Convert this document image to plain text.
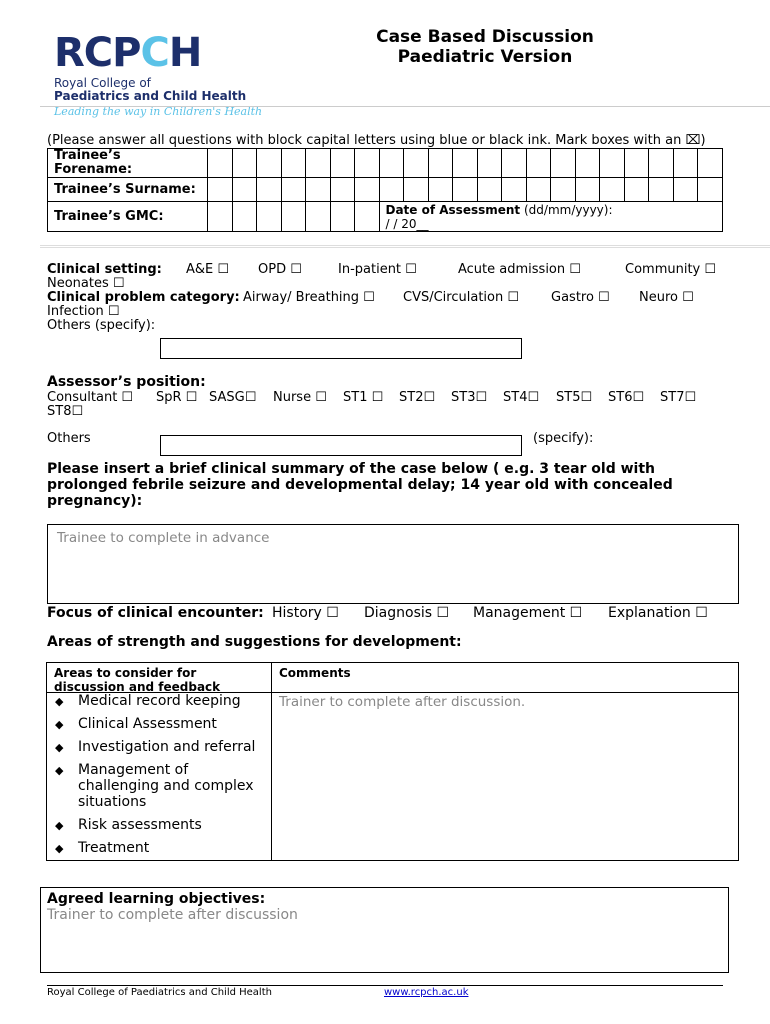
RCPCH
Royal College of
Paediatrics and Child Health
Leading the way in Children's Health
Case Based Discussion
Paediatric Version
(Please answer all questions with block capital letters using blue or black ink. Mark boxes with an ⌧)
Trainee’s Forename:																					
Trainee’s Surname:																					
Trainee’s GMC:								Date of Assessment (dd/mm/yyyy):
/ / 20__													
Clinical setting: A&E ☐ OPD ☐	In-patient ☐	Acute admission ☐	Community ☐
Neonates ☐
Clinical problem category: Airway/ Breathing ☐ CVS/Circulation ☐ Gastro ☐ Neuro ☐
Infection ☐
Others (specify):
Assessor’s position:
Consultant ☐ SpR ☐ SASG☐ Nurse ☐ ST1 ☐ ST2☐ ST3☐ ST4☐ ST5☐ ST6☐ ST7☐
ST8☐
Others	(specify):
Please insert a brief clinical summary of the case below ( e.g. 3 tear old with prolonged febrile seizure and developmental delay; 14 year old with concealed pregnancy):
Trainee to complete in advance
Focus of clinical encounter: History ☐ Diagnosis ☐ Management ☐ Explanation ☐
Areas of strength and suggestions for development:
Areas to consider for discussion and feedback
Comments
◆ Medical record keeping
◆ Clinical Assessment
◆ Investigation and referral
◆ Management of challenging and complex situations
◆ Risk assessments
◆ Treatment
Trainer to complete after discussion.
Agreed learning objectives:
Trainer to complete after discussion
Royal College of Paediatrics and Child Health	www.rcpch.ac.uk
